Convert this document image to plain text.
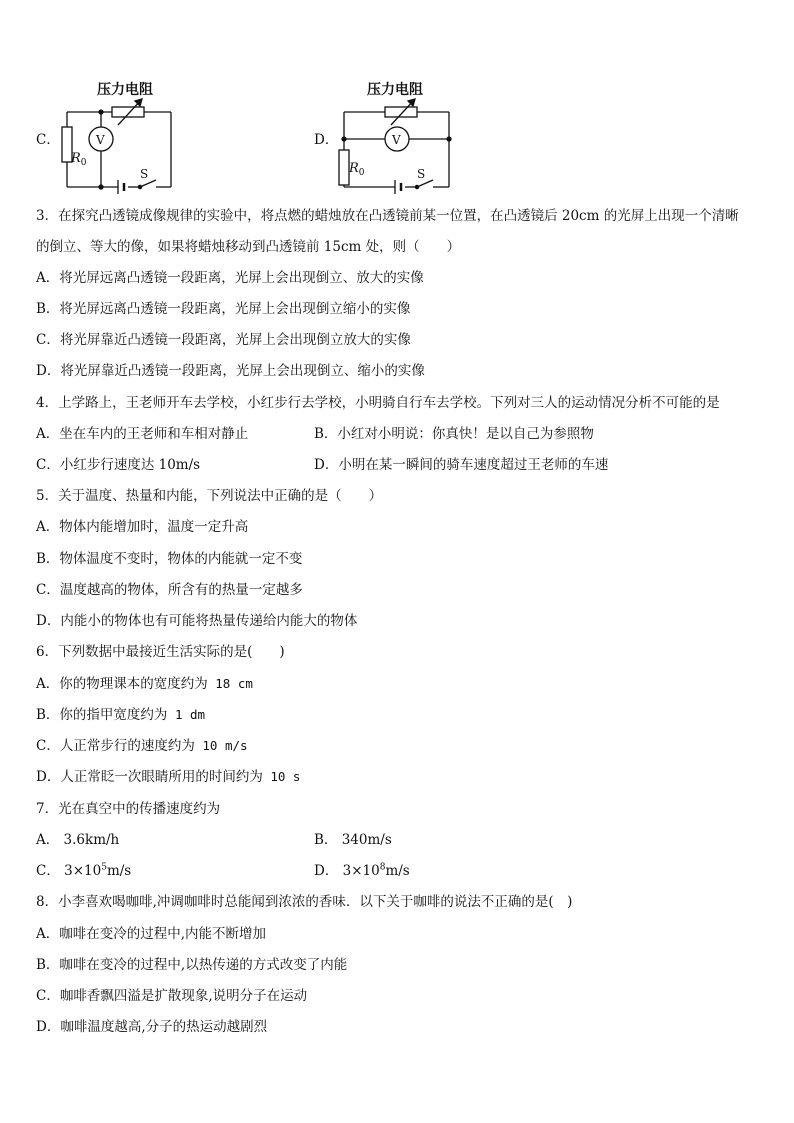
C．
压力电阻
V
$R_0$
S
D．
压力电阻
V
$R_0$	S
3．在探究凸透镜成像规律的实验中，将点燃的蜡烛放在凸透镜前某一位置，在凸透镜后 20cm 的光屏上出现一个清晰
的倒立、等大的像，如果将蜡烛移动到凸透镜前 15cm 处，则（　　）
A．将光屏远离凸透镜一段距离，光屏上会出现倒立、放大的实像
B．将光屏远离凸透镜一段距离，光屏上会出现倒立缩小的实像
C．将光屏靠近凸透镜一段距离，光屏上会出现倒立放大的实像
D．将光屏靠近凸透镜一段距离，光屏上会出现倒立、缩小的实像
4．上学路上，王老师开车去学校，小红步行去学校，小明骑自行车去学校。下列对三人的运动情况分析不可能的是
A．坐在车内的王老师和车相对静止	B．小红对小明说：你真快！是以自己为参照物
C．小红步行速度达 10m/s	D．小明在某一瞬间的骑车速度超过王老师的车速
5．关于温度、热量和内能，下列说法中正确的是（　　）
A．物体内能增加时，温度一定升高
B．物体温度不变时，物体的内能就一定不变
C．温度越高的物体，所含有的热量一定越多
D．内能小的物体也有可能将热量传递给内能大的物体
6．下列数据中最接近生活实际的是(　　)
A．你的物理课本的宽度约为 18 cm
B．你的指甲宽度约为 1 dm
C．人正常步行的速度约为 10 m/s
D．人正常眨一次眼睛所用的时间约为 10 s
7．光在真空中的传播速度约为
A． 3.6km/h	B． 340m/s
C． $3\times 10^5m/s$	D． $3\times 10^8m/s$
8．小李喜欢喝咖啡,冲调咖啡时总能闻到浓浓的香味．以下关于咖啡的说法不正确的是(　)
A．咖啡在变冷的过程中,内能不断增加
B．咖啡在变冷的过程中,以热传递的方式改变了内能
C．咖啡香飘四溢是扩散现象,说明分子在运动
D．咖啡温度越高,分子的热运动越剧烈
